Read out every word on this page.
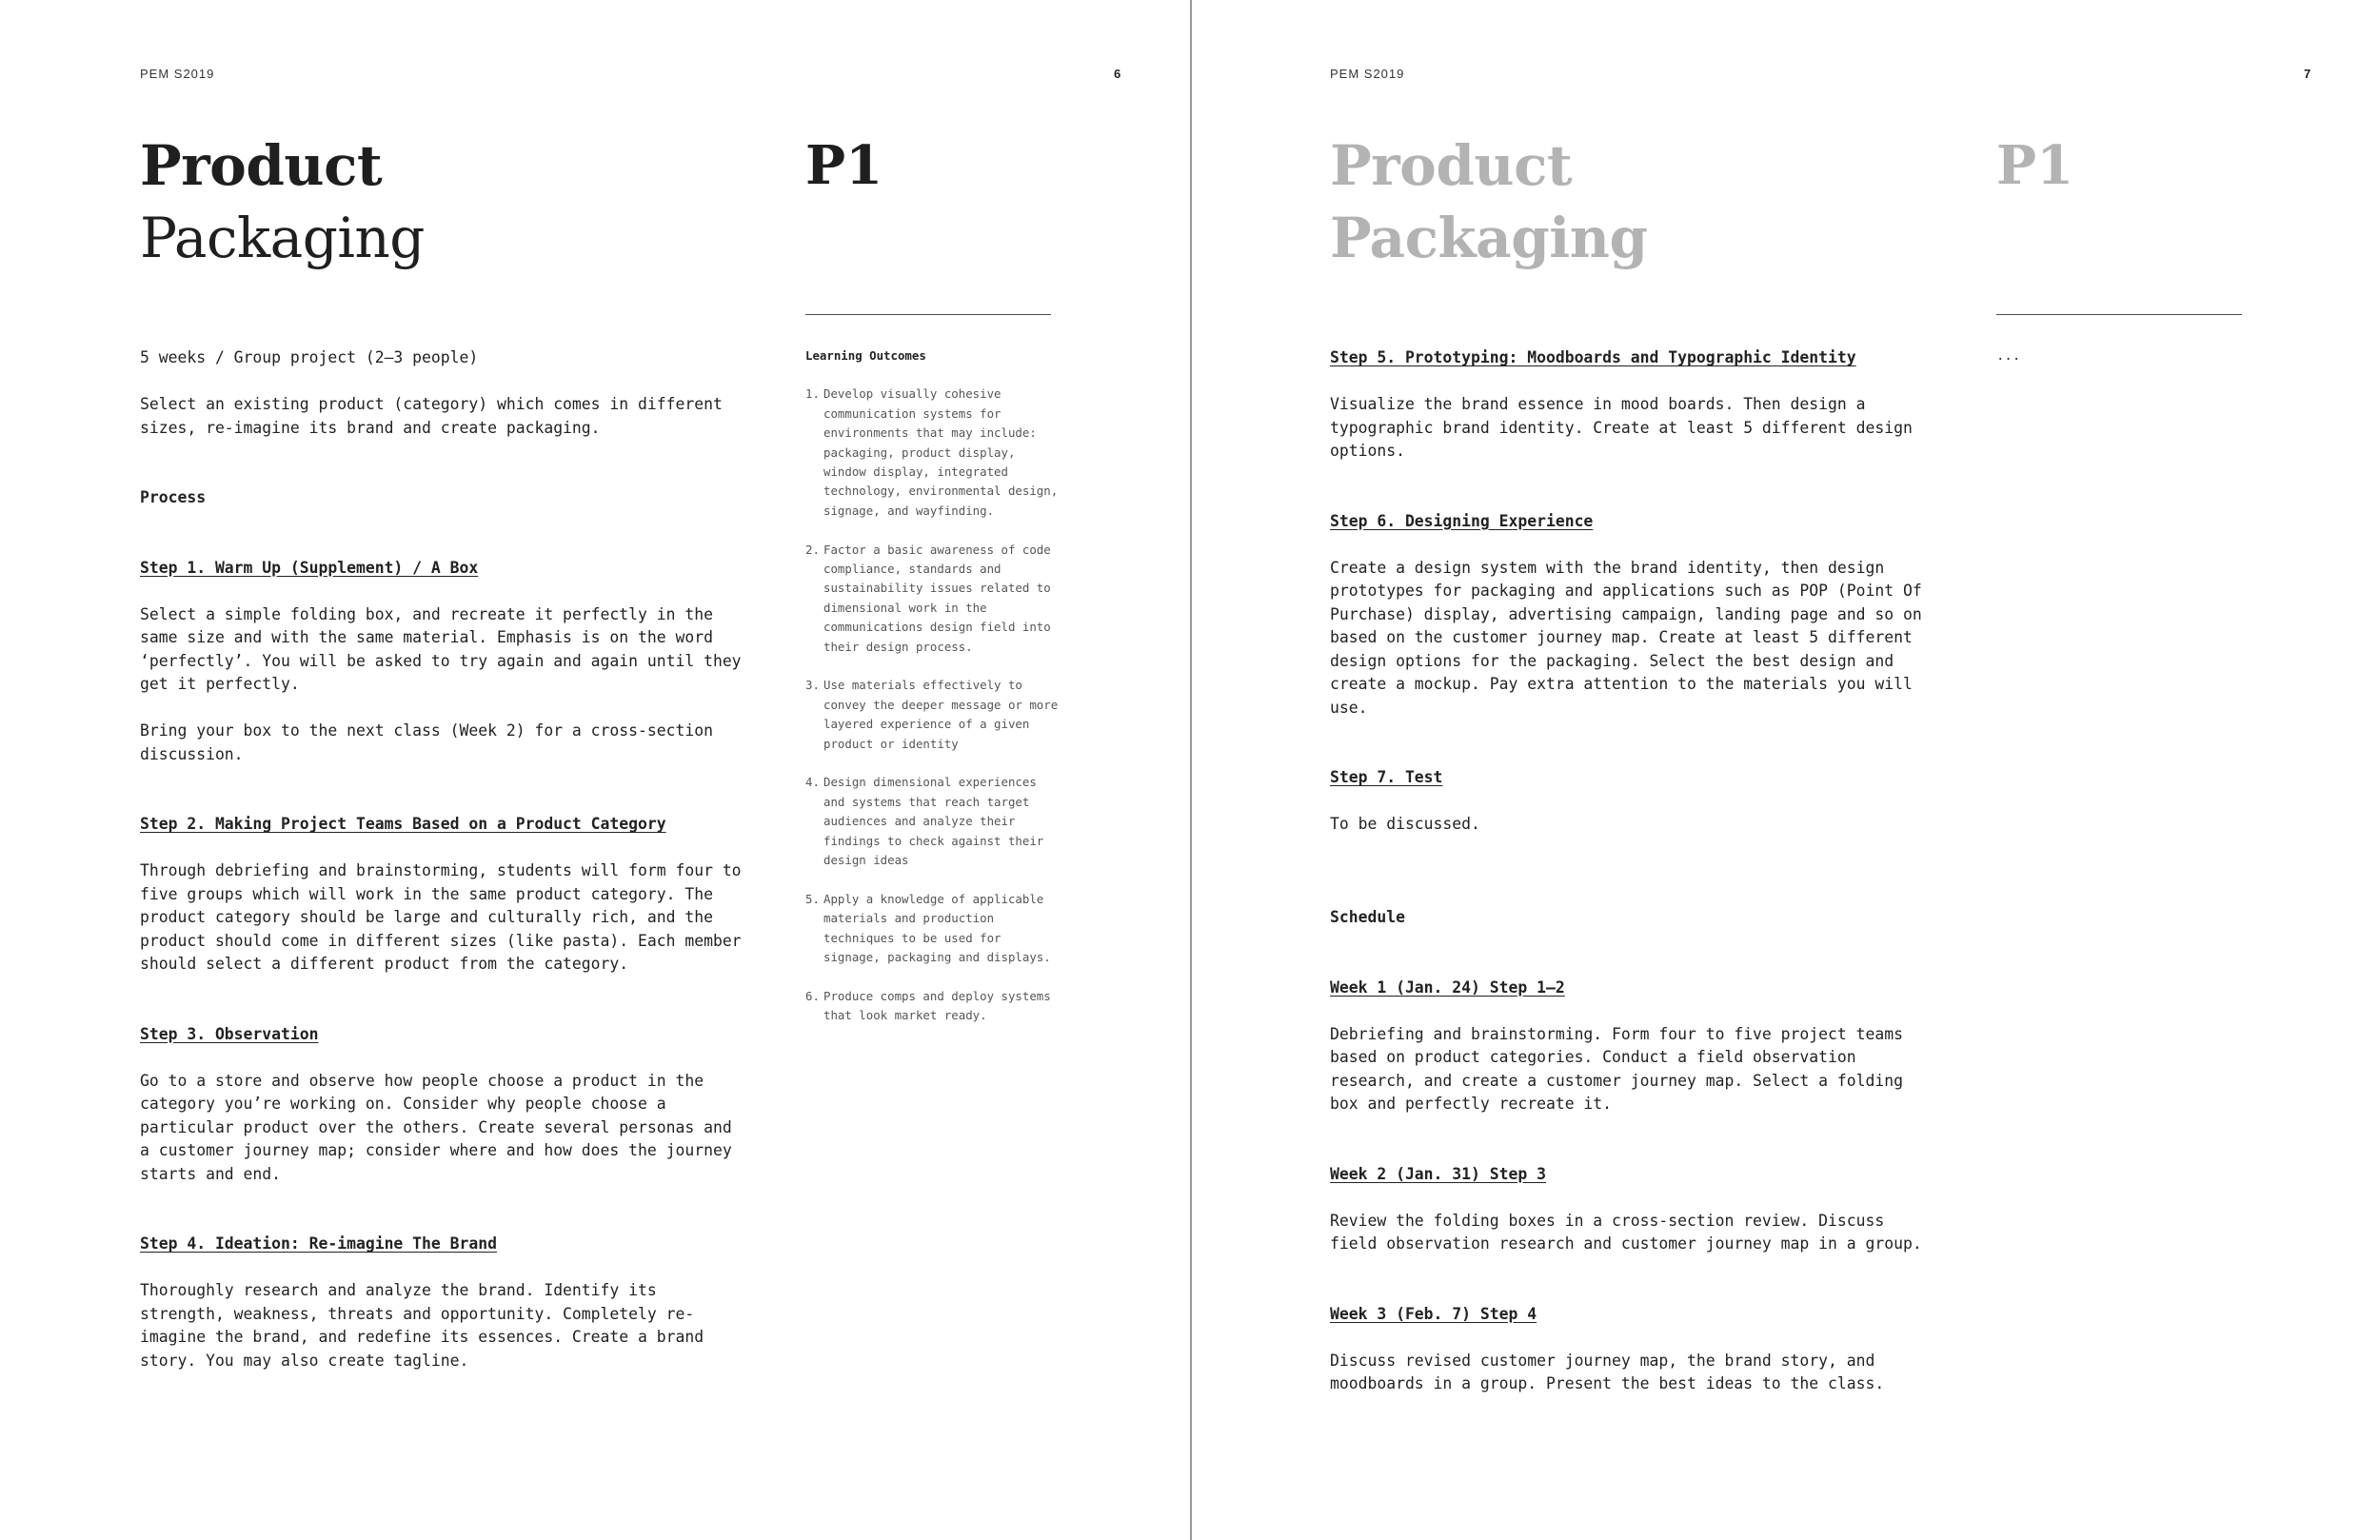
PEM S2019	6
Product
Packaging
P1

5 weeks / Group project (2–3 people)

Select an existing product (category) which comes in different sizes, re-imagine its brand and create packaging.

Process

Step 1. Warm Up (Supplement) / A Box

Select a simple folding box, and recreate it perfectly in the same size and with the same material. Emphasis is on the word ‘perfectly’. You will be asked to try again and again until they get it perfectly.

Bring your box to the next class (Week 2) for a cross-section discussion.

Step 2. Making Project Teams Based on a Product Category

Through debriefing and brainstorming, students will form four to five groups which will work in the same product category. The product category should be large and culturally rich, and the product should come in different sizes (like pasta). Each member should select a different product from the category.

Step 3. Observation

Go to a store and observe how people choose a product in the category you’re working on. Consider why people choose a particular product over the others. Create several personas and a customer journey map; consider where and how does the journey starts and end.

Step 4. Ideation: Re-imagine The Brand

Thoroughly research and analyze the brand. Identify its strength, weakness, threats and opportunity. Completely re-imagine the brand, and redefine its essences. Create a brand story. You may also create tagline.

Learning Outcomes

1. Develop visually cohesive communication systems for environments that may include: packaging, product display, window display, integrated technology, environmental design, signage, and wayfinding.
2. Factor a basic awareness of code compliance, standards and sustainability issues related to dimensional work in the communications design field into their design process.
3. Use materials effectively to convey the deeper message or more layered experience of a given product or identity
4. Design dimensional experiences and systems that reach target audiences and analyze their findings to check against their design ideas
5. Apply a knowledge of applicable materials and production techniques to be used for signage, packaging and displays.
6. Produce comps and deploy systems that look market ready.
PEM S2019	7
Product
Packaging
P1

Step 5. Prototyping: Moodboards and Typographic Identity

Visualize the brand essence in mood boards. Then design a typographic brand identity. Create at least 5 different design options.

Step 6. Designing Experience

Create a design system with the brand identity, then design prototypes for packaging and applications such as POP (Point Of Purchase) display, advertising campaign, landing page and so on based on the customer journey map. Create at least 5 different design options for the packaging. Select the best design and create a mockup. Pay extra attention to the materials you will use.

Step 7. Test

To be discussed.

Schedule

Week 1 (Jan. 24) Step 1–2

Debriefing and brainstorming. Form four to five project teams based on product categories. Conduct a field observation research, and create a customer journey map. Select a folding box and perfectly recreate it.

Week 2 (Jan. 31) Step 3

Review the folding boxes in a cross-section review. Discuss field observation research and customer journey map in a group.

Week 3 (Feb. 7) Step 4

Discuss revised customer journey map, the brand story, and moodboards in a group. Present the best ideas to the class.

...
